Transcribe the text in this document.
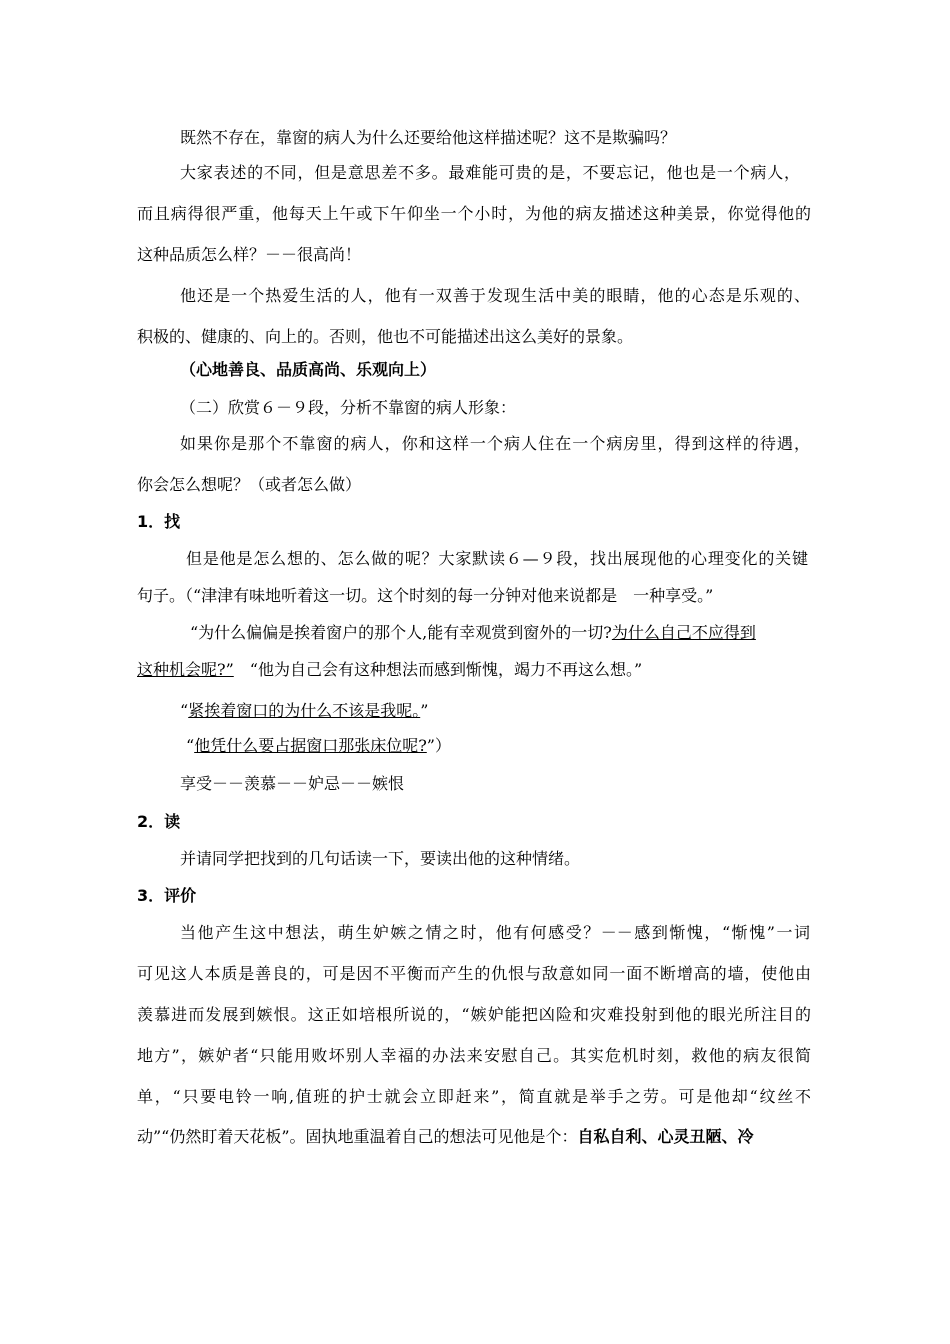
既然不存在，靠窗的病人为什么还要给他这样描述呢？这不是欺骗吗？
大家表述的不同，但是意思差不多。最难能可贵的是，不要忘记，他也是一个病人，
而且病得很严重，他每天上午或下午仰坐一个小时，为他的病友描述这种美景，你觉得他的
这种品质怎么样？－－很高尚！
他还是一个热爱生活的人，他有一双善于发现生活中美的眼睛，他的心态是乐观的、
积极的、健康的、向上的。否则，他也不可能描述出这么美好的景象。
（心地善良、品质高尚、乐观向上）
（二）欣赏６－９段，分析不靠窗的病人形象：
如果你是那个不靠窗的病人，你和这样一个病人住在一个病房里，得到这样的待遇，
你会怎么想呢？（或者怎么做）
1．找
但是他是怎么想的、怎么做的呢？大家默读６—９段，找出展现他的心理变化的关键
句子。（“津津有味地听着这一切。这个时刻的每一分钟对他来说都是　一种享受。”
“为什么偏偏是挨着窗户的那个人,能有幸观赏到窗外的一切?为什么自己不应得到
这种机会呢?”　“他为自己会有这种想法而感到惭愧，竭力不再这么想。”
“紧挨着窗口的为什么不该是我呢。”
“他凭什么要占据窗口那张床位呢?”）
享受－－羡慕－－妒忌－－嫉恨
2．读
并请同学把找到的几句话读一下，要读出他的这种情绪。
3．评价
当他产生这中想法，萌生妒嫉之情之时，他有何感受？－－感到惭愧，“惭愧”一词
可见这人本质是善良的，可是因不平衡而产生的仇恨与敌意如同一面不断增高的墙，使他由
羡慕进而发展到嫉恨。这正如培根所说的，“嫉妒能把凶险和灾难投射到他的眼光所注目的
地方”，嫉妒者“只能用败坏别人幸福的办法来安慰自己。其实危机时刻，救他的病友很简
单，“只要电铃一响,值班的护士就会立即赶来”，简直就是举手之劳。可是他却“纹丝不
动”“仍然盯着天花板”。固执地重温着自己的想法可见他是个：自私自利、心灵丑陋、冷
